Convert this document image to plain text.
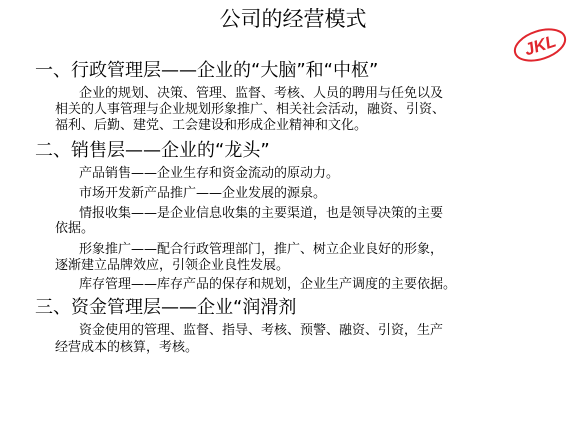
公司的经营模式
JKL
一、行政管理层——企业的“大脑”和“中枢”
企业的规划、决策、管理、监督、考核、人员的聘用与任免以及
相关的人事管理与企业规划形象推广、相关社会活动，融资、引资、
福利、后勤、建党、工会建设和形成企业精神和文化。
二、销售层——企业的“龙头”
产品销售——企业生存和资金流动的原动力。
市场开发新产品推广——企业发展的源泉。
情报收集——是企业信息收集的主要渠道，也是领导决策的主要
依据。
形象推广——配合行政管理部门，推广、树立企业良好的形象，
逐渐建立品牌效应，引领企业良性发展。
库存管理——库存产品的保存和规划，企业生产调度的主要依据。
三、资金管理层——企业“润滑剂
资金使用的管理、监督、指导、考核、预警、融资、引资，生产
经营成本的核算，考核。
